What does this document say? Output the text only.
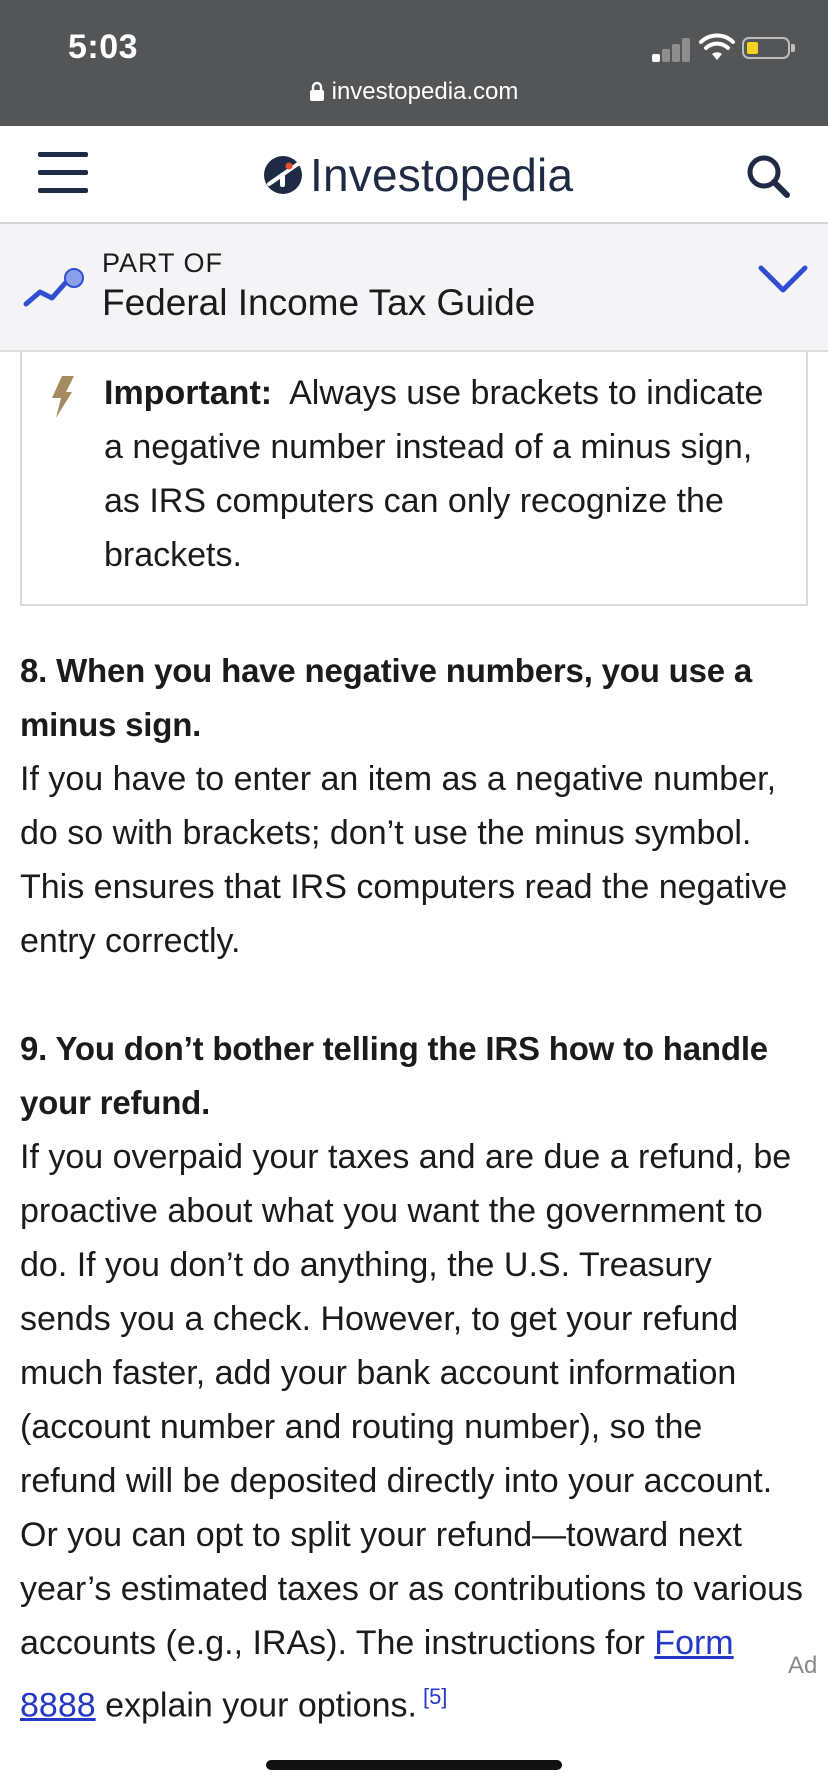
5:03
investopedia.com
Investopedia
PART OF
Federal Income Tax Guide
Important: Always use brackets to indicate a negative number instead of a minus sign, as IRS computers can only recognize the brackets.
8. When you have negative numbers, you use a minus sign.
If you have to enter an item as a negative number, do so with brackets; don’t use the minus symbol. This ensures that IRS computers read the negative entry correctly.
9. You don’t bother telling the IRS how to handle your refund.
If you overpaid your taxes and are due a refund, be proactive about what you want the government to do. If you don’t do anything, the U.S. Treasury sends you a check. However, to get your refund much faster, add your bank account information (account number and routing number), so the refund will be deposited directly into your account. Or you can opt to split your refund—toward next year’s estimated taxes or as contributions to various accounts (e.g., IRAs). The instructions for Form 8888 explain your options. [5]
Ad
